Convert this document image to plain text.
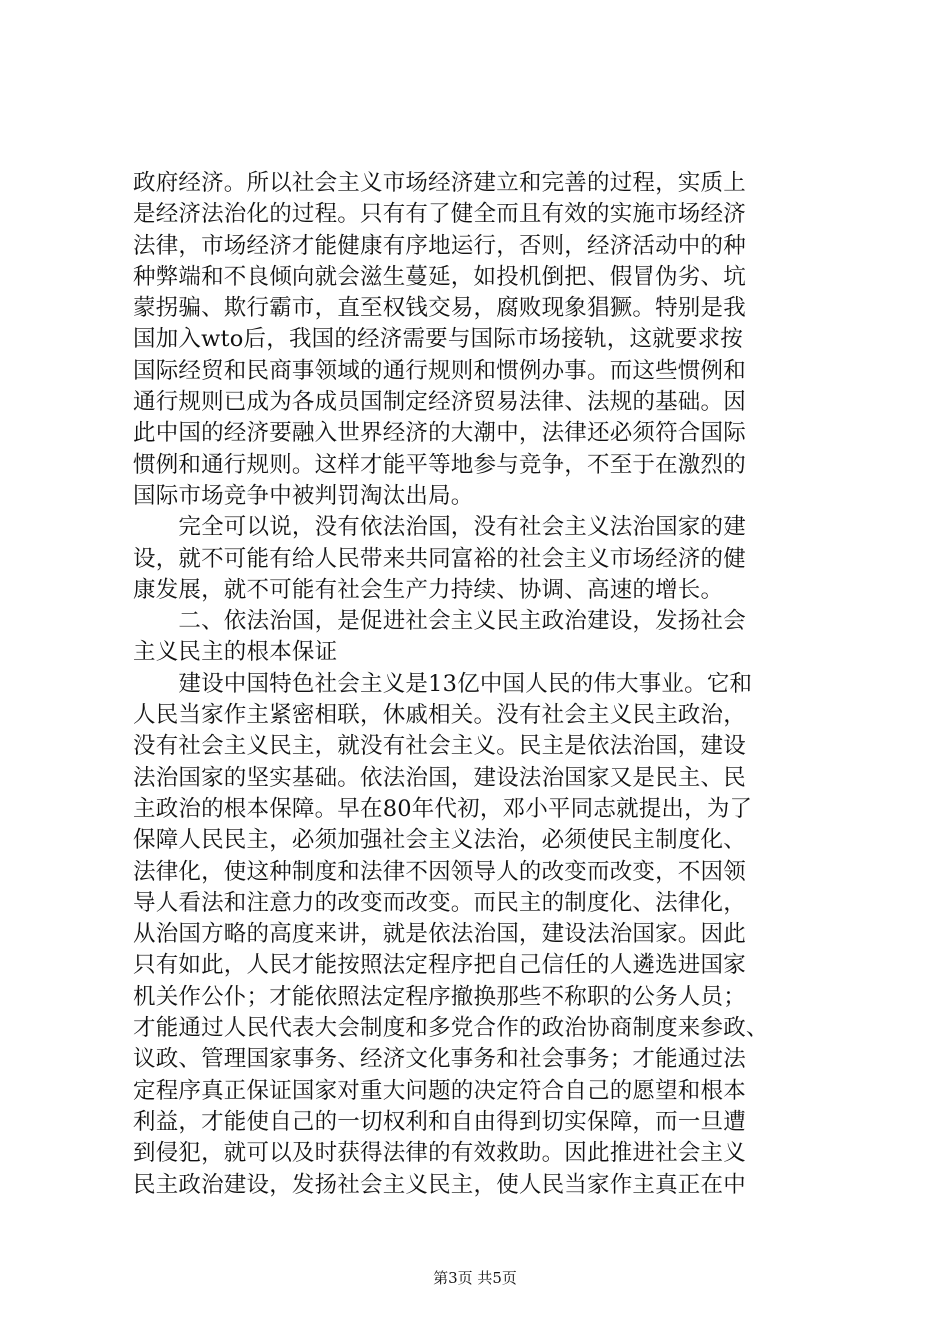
政府经济。所以社会主义市场经济建立和完善的过程，实质上
是经济法治化的过程。只有有了健全而且有效的实施市场经济
法律，市场经济才能健康有序地运行，否则，经济活动中的种
种弊端和不良倾向就会滋生蔓延，如投机倒把、假冒伪劣、坑
蒙拐骗、欺行霸市，直至权钱交易，腐败现象猖獗。特别是我
国加入wto后，我国的经济需要与国际市场接轨，这就要求按
国际经贸和民商事领域的通行规则和惯例办事。而这些惯例和
通行规则已成为各成员国制定经济贸易法律、法规的基础。因
此中国的经济要融入世界经济的大潮中，法律还必须符合国际
惯例和通行规则。这样才能平等地参与竞争，不至于在激烈的
国际市场竞争中被判罚淘汰出局。
　　完全可以说，没有依法治国，没有社会主义法治国家的建
设，就不可能有给人民带来共同富裕的社会主义市场经济的健
康发展，就不可能有社会生产力持续、协调、高速的增长。
　　二、依法治国，是促进社会主义民主政治建设，发扬社会
主义民主的根本保证
　　建设中国特色社会主义是13亿中国人民的伟大事业。它和
人民当家作主紧密相联，休戚相关。没有社会主义民主政治，
没有社会主义民主，就没有社会主义。民主是依法治国，建设
法治国家的坚实基础。依法治国，建设法治国家又是民主、民
主政治的根本保障。早在80年代初，邓小平同志就提出，为了
保障人民民主，必须加强社会主义法治，必须使民主制度化、
法律化，使这种制度和法律不因领导人的改变而改变，不因领
导人看法和注意力的改变而改变。而民主的制度化、法律化，
从治国方略的高度来讲，就是依法治国，建设法治国家。因此
只有如此，人民才能按照法定程序把自己信任的人遴选进国家
机关作公仆；才能依照法定程序撤换那些不称职的公务人员；
才能通过人民代表大会制度和多党合作的政治协商制度来参政、
议政、管理国家事务、经济文化事务和社会事务；才能通过法
定程序真正保证国家对重大问题的决定符合自己的愿望和根本
利益，才能使自己的一切权利和自由得到切实保障，而一旦遭
到侵犯，就可以及时获得法律的有效救助。因此推进社会主义
民主政治建设，发扬社会主义民主，使人民当家作主真正在中
第3页 共5页
